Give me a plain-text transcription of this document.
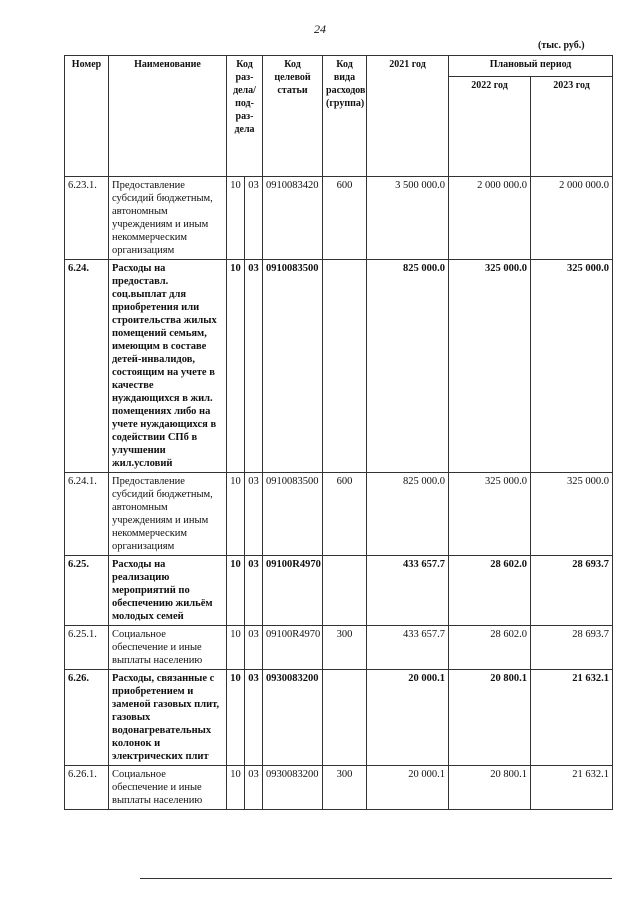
24
(тыс. руб.)
Номер	Наименование	Код раз- дела/ под- раз- дела		Код целевой статьи	Код вида расходов (группа)	2021 год	Плановый период	
							2022 год	2023 год
6.23.1.	Предоставление субсидий бюджетным, автономным учреждениям и иным некоммерческим организациям	10	03	0910083420	600	3 500 000.0	2 000 000.0	2 000 000.0
6.24.	Расходы на предоставл. соц.выплат для приобретения или строительства жилых помещений семьям, имеющим в составе детей-инвалидов, состоящим на учете в качестве нуждающихся в жил. помещениях либо на учете нуждающихся в содействии СПб в улучшении жил.условий	10	03	0910083500		825 000.0	325 000.0	325 000.0
6.24.1.	Предоставление субсидий бюджетным, автономным учреждениям и иным некоммерческим организациям	10	03	0910083500	600	825 000.0	325 000.0	325 000.0
6.25.	Расходы на реализацию мероприятий по обеспечению жильём молодых семей	10	03	09100R4970		433 657.7	28 602.0	28 693.7
6.25.1.	Социальное обеспечение и иные выплаты населению	10	03	09100R4970	300	433 657.7	28 602.0	28 693.7
6.26.	Расходы, связанные с приобретением и заменой газовых плит, газовых водонагревательных колонок и электрических плит	10	03	0930083200		20 000.1	20 800.1	21 632.1
6.26.1.	Социальное обеспечение и иные выплаты населению	10	03	0930083200	300	20 000.1	20 800.1	21 632.1
